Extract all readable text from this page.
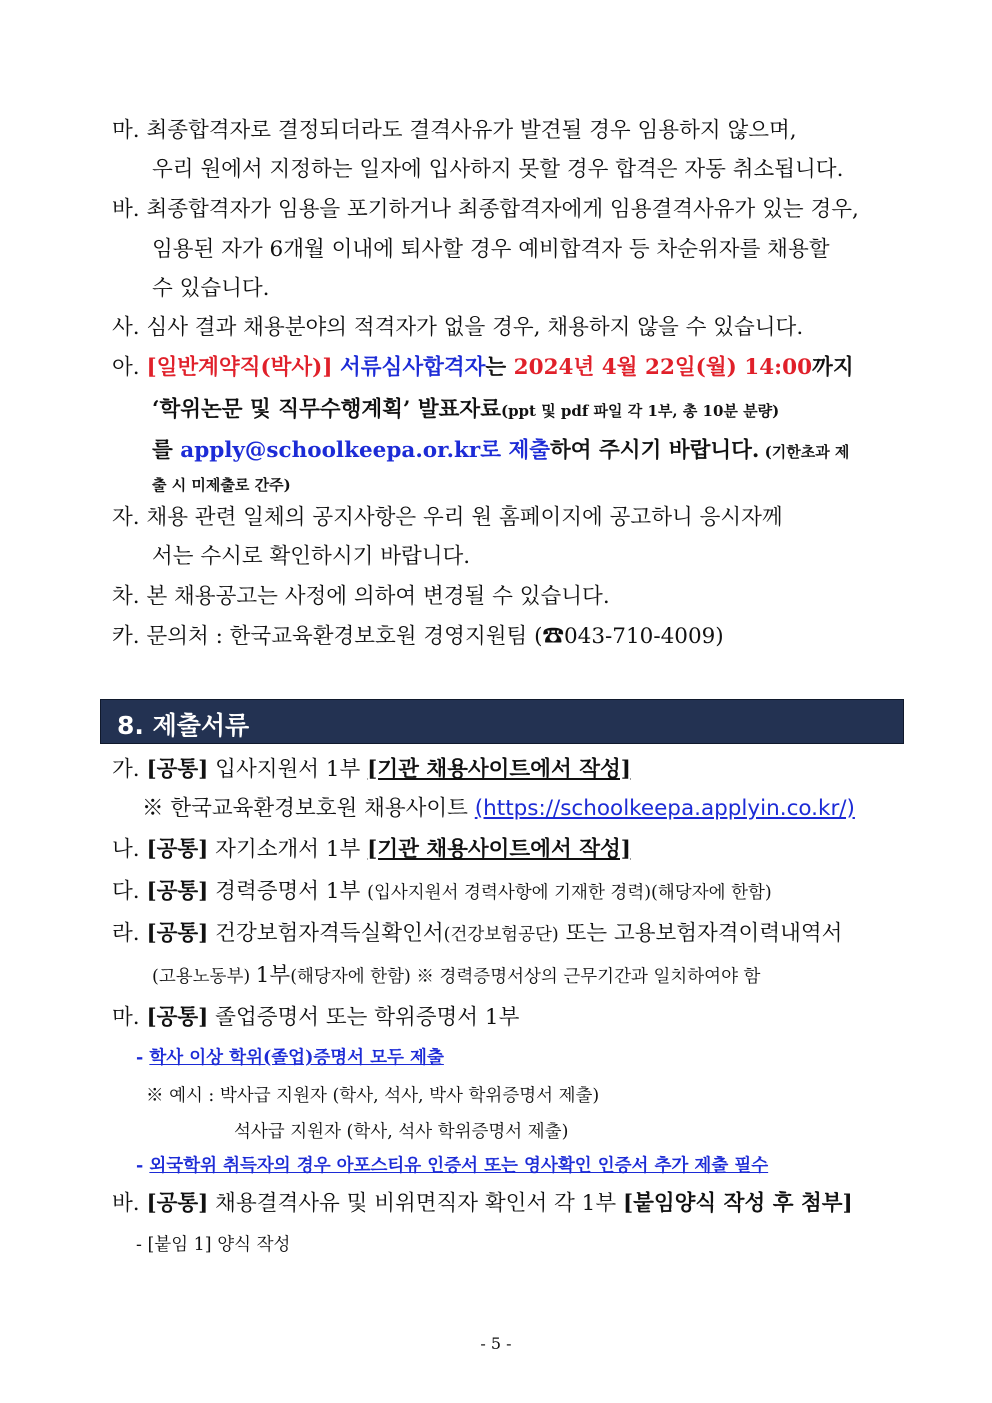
마. 최종합격자로 결정되더라도 결격사유가 발견될 경우 임용하지 않으며,
우리 원에서 지정하는 일자에 입사하지 못할 경우 합격은 자동 취소됩니다.
바. 최종합격자가 임용을 포기하거나 최종합격자에게 임용결격사유가 있는 경우,
임용된 자가 6개월 이내에 퇴사할 경우 예비합격자 등 차순위자를 채용할
수 있습니다.
사. 심사 결과 채용분야의 적격자가 없을 경우, 채용하지 않을 수 있습니다.
아. [일반계약직(박사)] 서류심사합격자는 2024년 4월 22일(월) 14:00까지
‘학위논문 및 직무수행계획’ 발표자료(ppt 및 pdf 파일 각 1부, 총 10분 분량)
를 apply@schoolkeepa.or.kr로 제출하여 주시기 바랍니다. (기한초과 제
출 시 미제출로 간주)
자. 채용 관련 일체의 공지사항은 우리 원 홈페이지에 공고하니 응시자께
서는 수시로 확인하시기 바랍니다.
차. 본 채용공고는 사정에 의하여 변경될 수 있습니다.
카. 문의처 : 한국교육환경보호원 경영지원팀 (☎043-710-4009)
8. 제출서류
가. [공통] 입사지원서 1부 [기관 채용사이트에서 작성]
※ 한국교육환경보호원 채용사이트 (https://schoolkeepa.applyin.co.kr/)
나. [공통] 자기소개서 1부 [기관 채용사이트에서 작성]
다. [공통] 경력증명서 1부 (입사지원서 경력사항에 기재한 경력)(해당자에 한함)
라. [공통] 건강보험자격득실확인서(건강보험공단) 또는 고용보험자격이력내역서
(고용노동부) 1부(해당자에 한함) ※ 경력증명서상의 근무기간과 일치하여야 함
마. [공통] 졸업증명서 또는 학위증명서 1부
- 학사 이상 학위(졸업)증명서 모두 제출
※ 예시 : 박사급 지원자 (학사, 석사, 박사 학위증명서 제출)
석사급 지원자 (학사, 석사 학위증명서 제출)
- 외국학위 취득자의 경우 아포스티유 인증서 또는 영사확인 인증서 추가 제출 필수
바. [공통] 채용결격사유 및 비위면직자 확인서 각 1부 [붙임양식 작성 후 첨부]
- [붙임 1] 양식 작성
- 5 -
